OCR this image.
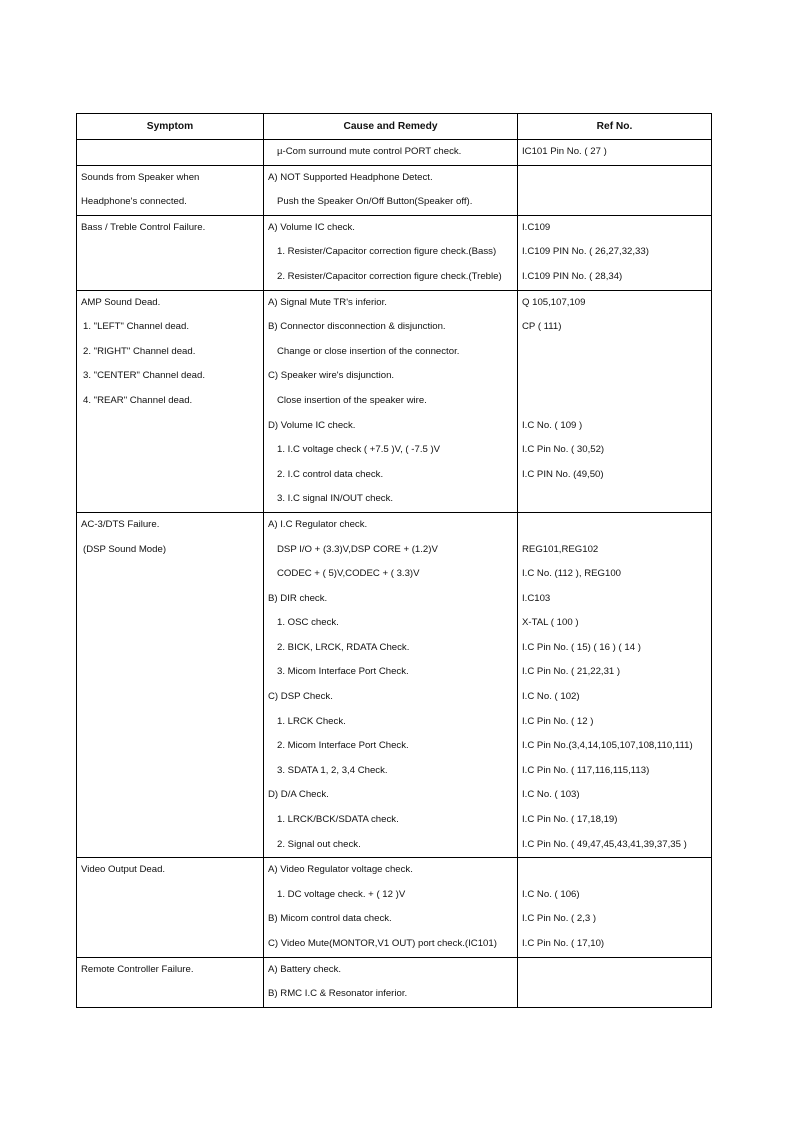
Symptom	Cause and Remedy	Ref No.

	µ-Com surround mute control PORT check.	IC101 Pin No. ( 27 )

Sounds from Speaker when	A) NOT Supported Headphone Detect.	

Headphone's connected.	Push the Speaker On/Off Button(Speaker off).	

Bass / Treble Control Failure.	A) Volume IC check.	I.C109

	1. Resister/Capacitor correction figure check.(Bass)	I.C109 PIN No. ( 26,27,32,33)

	2. Resister/Capacitor correction figure check.(Treble)	I.C109 PIN No. ( 28,34)

AMP Sound Dead.	A) Signal Mute TR's inferior.	Q 105,107,109

1. "LEFT" Channel dead.	B) Connector disconnection & disjunction.	CP ( 111)

2. "RIGHT" Channel dead.	Change or close insertion of the connector.	

3. "CENTER" Channel dead.	C) Speaker wire's disjunction.	

4. "REAR" Channel dead.	Close insertion of the speaker wire.	

	D) Volume IC check.	I.C No. ( 109 )

	1. I.C voltage check ( +7.5 )V, ( -7.5 )V	I.C Pin No. ( 30,52)

	2. I.C control data check.	I.C PIN No. (49,50)

	3. I.C signal IN/OUT check.	

AC-3/DTS Failure.	A) I.C Regulator check.	

(DSP Sound Mode)	DSP I/O + (3.3)V,DSP CORE + (1.2)V	REG101,REG102

	CODEC + ( 5)V,CODEC + ( 3.3)V	I.C No. (112 ), REG100

	B) DIR check.	I.C103

	1. OSC check.	X-TAL ( 100 )

	2. BICK, LRCK, RDATA Check.	I.C Pin No. ( 15) ( 16 ) ( 14 )

	3. Micom Interface Port Check.	I.C Pin No. ( 21,22,31 )

	C) DSP Check.	I.C No. ( 102)

	1. LRCK Check.	I.C Pin No. ( 12 )

	2. Micom Interface Port Check.	I.C Pin No.(3,4,14,105,107,108,110,111)

	3. SDATA 1, 2, 3,4 Check.	I.C Pin No. ( 117,116,115,113)

	D) D/A Check.	I.C No. ( 103)

	1. LRCK/BCK/SDATA check.	I.C Pin No. ( 17,18,19)

	2. Signal out check.	I.C Pin No. ( 49,47,45,43,41,39,37,35 )

Video Output Dead.	A) Video Regulator voltage check.	

	1. DC voltage check. + ( 12 )V	I.C No. ( 106)

	B) Micom control data check.	I.C Pin No. ( 2,3 )

	C) Video Mute(MONTOR,V1 OUT) port check.(IC101)	I.C Pin No. ( 17,10)

Remote Controller Failure.	A) Battery check.	

	B) RMC I.C & Resonator inferior.	
